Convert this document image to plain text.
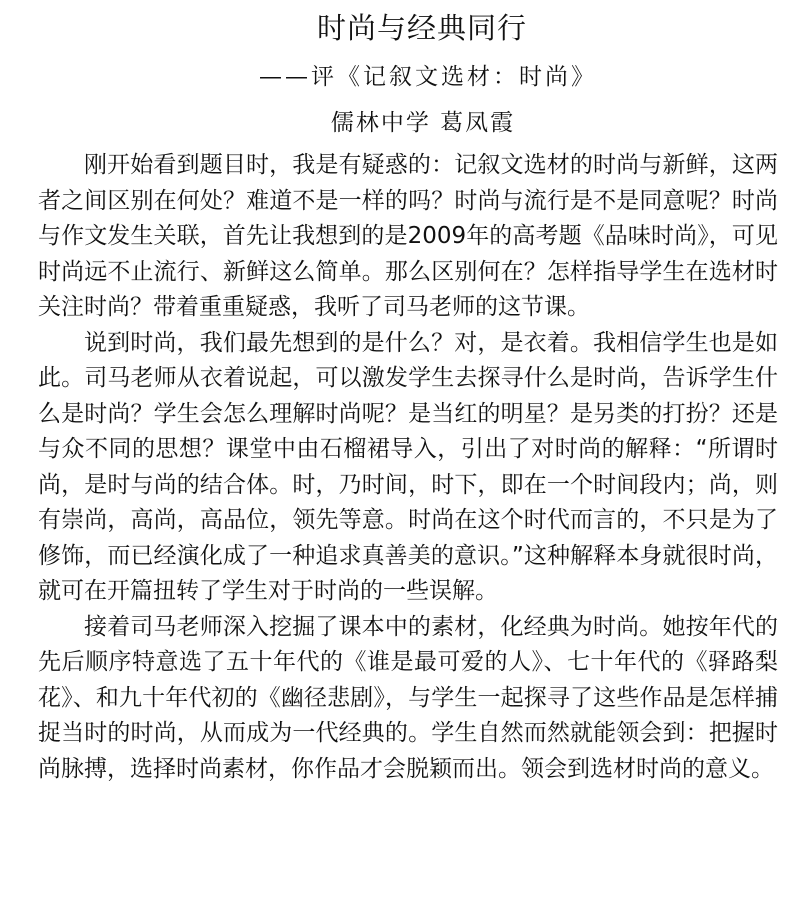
时尚与经典同行
——评《记叙文选材：时尚》
儒林中学 葛凤霞

刚开始看到题目时，我是有疑惑的：记叙文选材的时尚与新鲜，这两者之间区别在何处？难道不是一样的吗？时尚与流行是不是同意呢？时尚与作文发生关联，首先让我想到的是2009年的高考题《品味时尚》，可见时尚远不止流行、新鲜这么简单。那么区别何在？怎样指导学生在选材时关注时尚？带着重重疑惑，我听了司马老师的这节课。

说到时尚，我们最先想到的是什么？对，是衣着。我相信学生也是如此。司马老师从衣着说起，可以激发学生去探寻什么是时尚，告诉学生什么是时尚？学生会怎么理解时尚呢？是当红的明星？是另类的打扮？还是与众不同的思想？课堂中由石榴裙导入，引出了对时尚的解释：“所谓时尚，是时与尚的结合体。时，乃时间，时下，即在一个时间段内；尚，则有崇尚，高尚，高品位，领先等意。时尚在这个时代而言的，不只是为了修饰，而已经演化成了一种追求真善美的意识。”这种解释本身就很时尚，就可在开篇扭转了学生对于时尚的一些误解。

接着司马老师深入挖掘了课本中的素材，化经典为时尚。她按年代的先后顺序特意选了五十年代的《谁是最可爱的人》、七十年代的《驿路梨花》、和九十年代初的《幽径悲剧》，与学生一起探寻了这些作品是怎样捕捉当时的时尚，从而成为一代经典的。学生自然而然就能领会到：把握时尚脉搏，选择时尚素材，你作品才会脱颖而出。领会到选材时尚的意义。
